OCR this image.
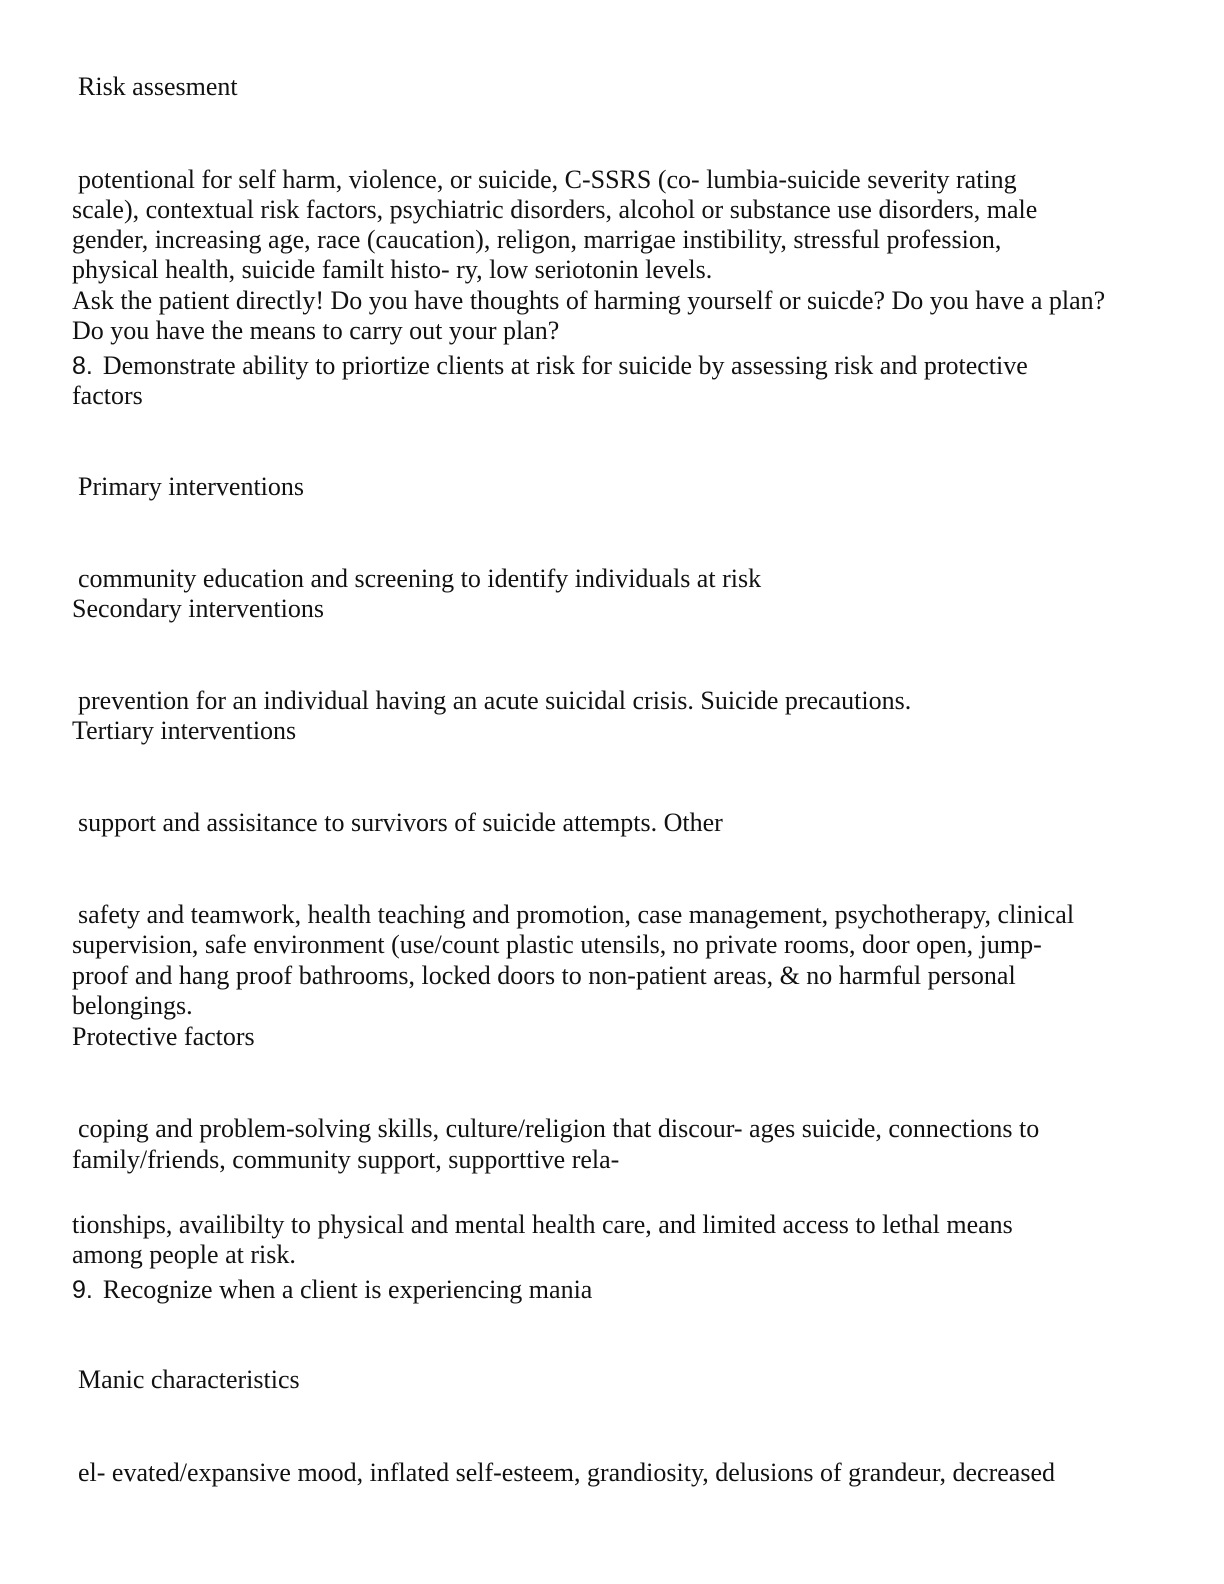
Risk assesment
potentional for self harm, violence, or suicide, C-SSRS (co- lumbia-suicide severity rating
scale), contextual risk factors, psychiatric disorders, alcohol or substance use disorders, male
gender, increasing age, race (caucation), religon, marrigae instibility, stressful profession,
physical health, suicide familt histo- ry, low seriotonin levels.
Ask the patient directly! Do you have thoughts of harming yourself or suicde? Do you have a plan?
Do you have the means to carry out your plan?
8. Demonstrate ability to priortize clients at risk for suicide by assessing risk and protective
factors
Primary interventions
community education and screening to identify individuals at risk
Secondary interventions
prevention for an individual having an acute suicidal crisis. Suicide precautions.
Tertiary interventions
support and assisitance to survivors of suicide attempts. Other
safety and teamwork, health teaching and promotion, case management, psychotherapy, clinical
supervision, safe environment (use/count plastic utensils, no private rooms, door open, jump-
proof and hang proof bathrooms, locked doors to non-patient areas, & no harmful personal
belongings.
Protective factors
coping and problem-solving skills, culture/religion that discour- ages suicide, connections to
family/friends, community support, supporttive rela-
tionships, availibilty to physical and mental health care, and limited access to lethal means
among people at risk.
9. Recognize when a client is experiencing mania
Manic characteristics
el- evated/expansive mood, inflated self-esteem, grandiosity, delusions of grandeur, decreased
